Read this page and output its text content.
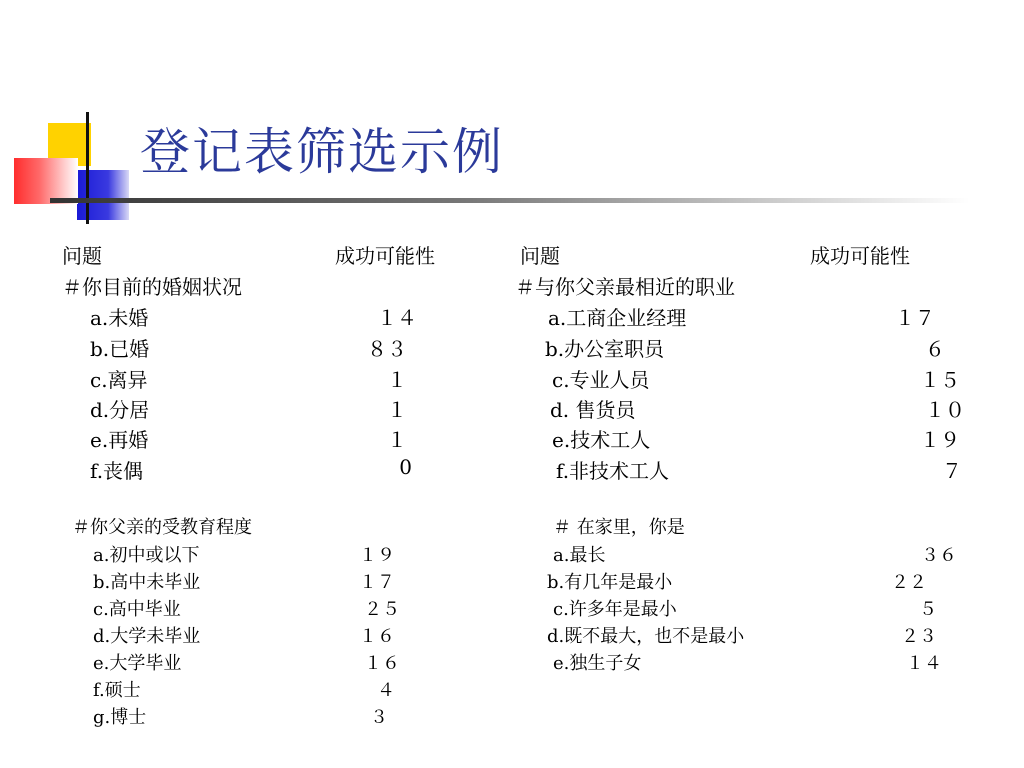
登记表筛选示例
问题	成功可能性	问题	成功可能性
＃你目前的婚姻状况
a.未婚	１４
b.已婚	８３
c.离异	１
d.分居	１
e.再婚	１
f.丧偶	0
＃与你父亲最相近的职业
a.工商企业经理	１７
b.办公室职员	６
c.专业人员	１５
d. 售货员	１０
e.技术工人	１９
f.非技术工人	７
＃你父亲的受教育程度
a.初中或以下	１９
b.高中未毕业	１７
c.高中毕业	２５
d.大学未毕业	１６
e.大学毕业	１６
f.硕士	４
g.博士	３
＃ 在家里，你是
a.最长	３６
b.有几年是最小	２２
c.许多年是最小	５
d.既不最大，也不是最小	２３
e.独生子女	１４
